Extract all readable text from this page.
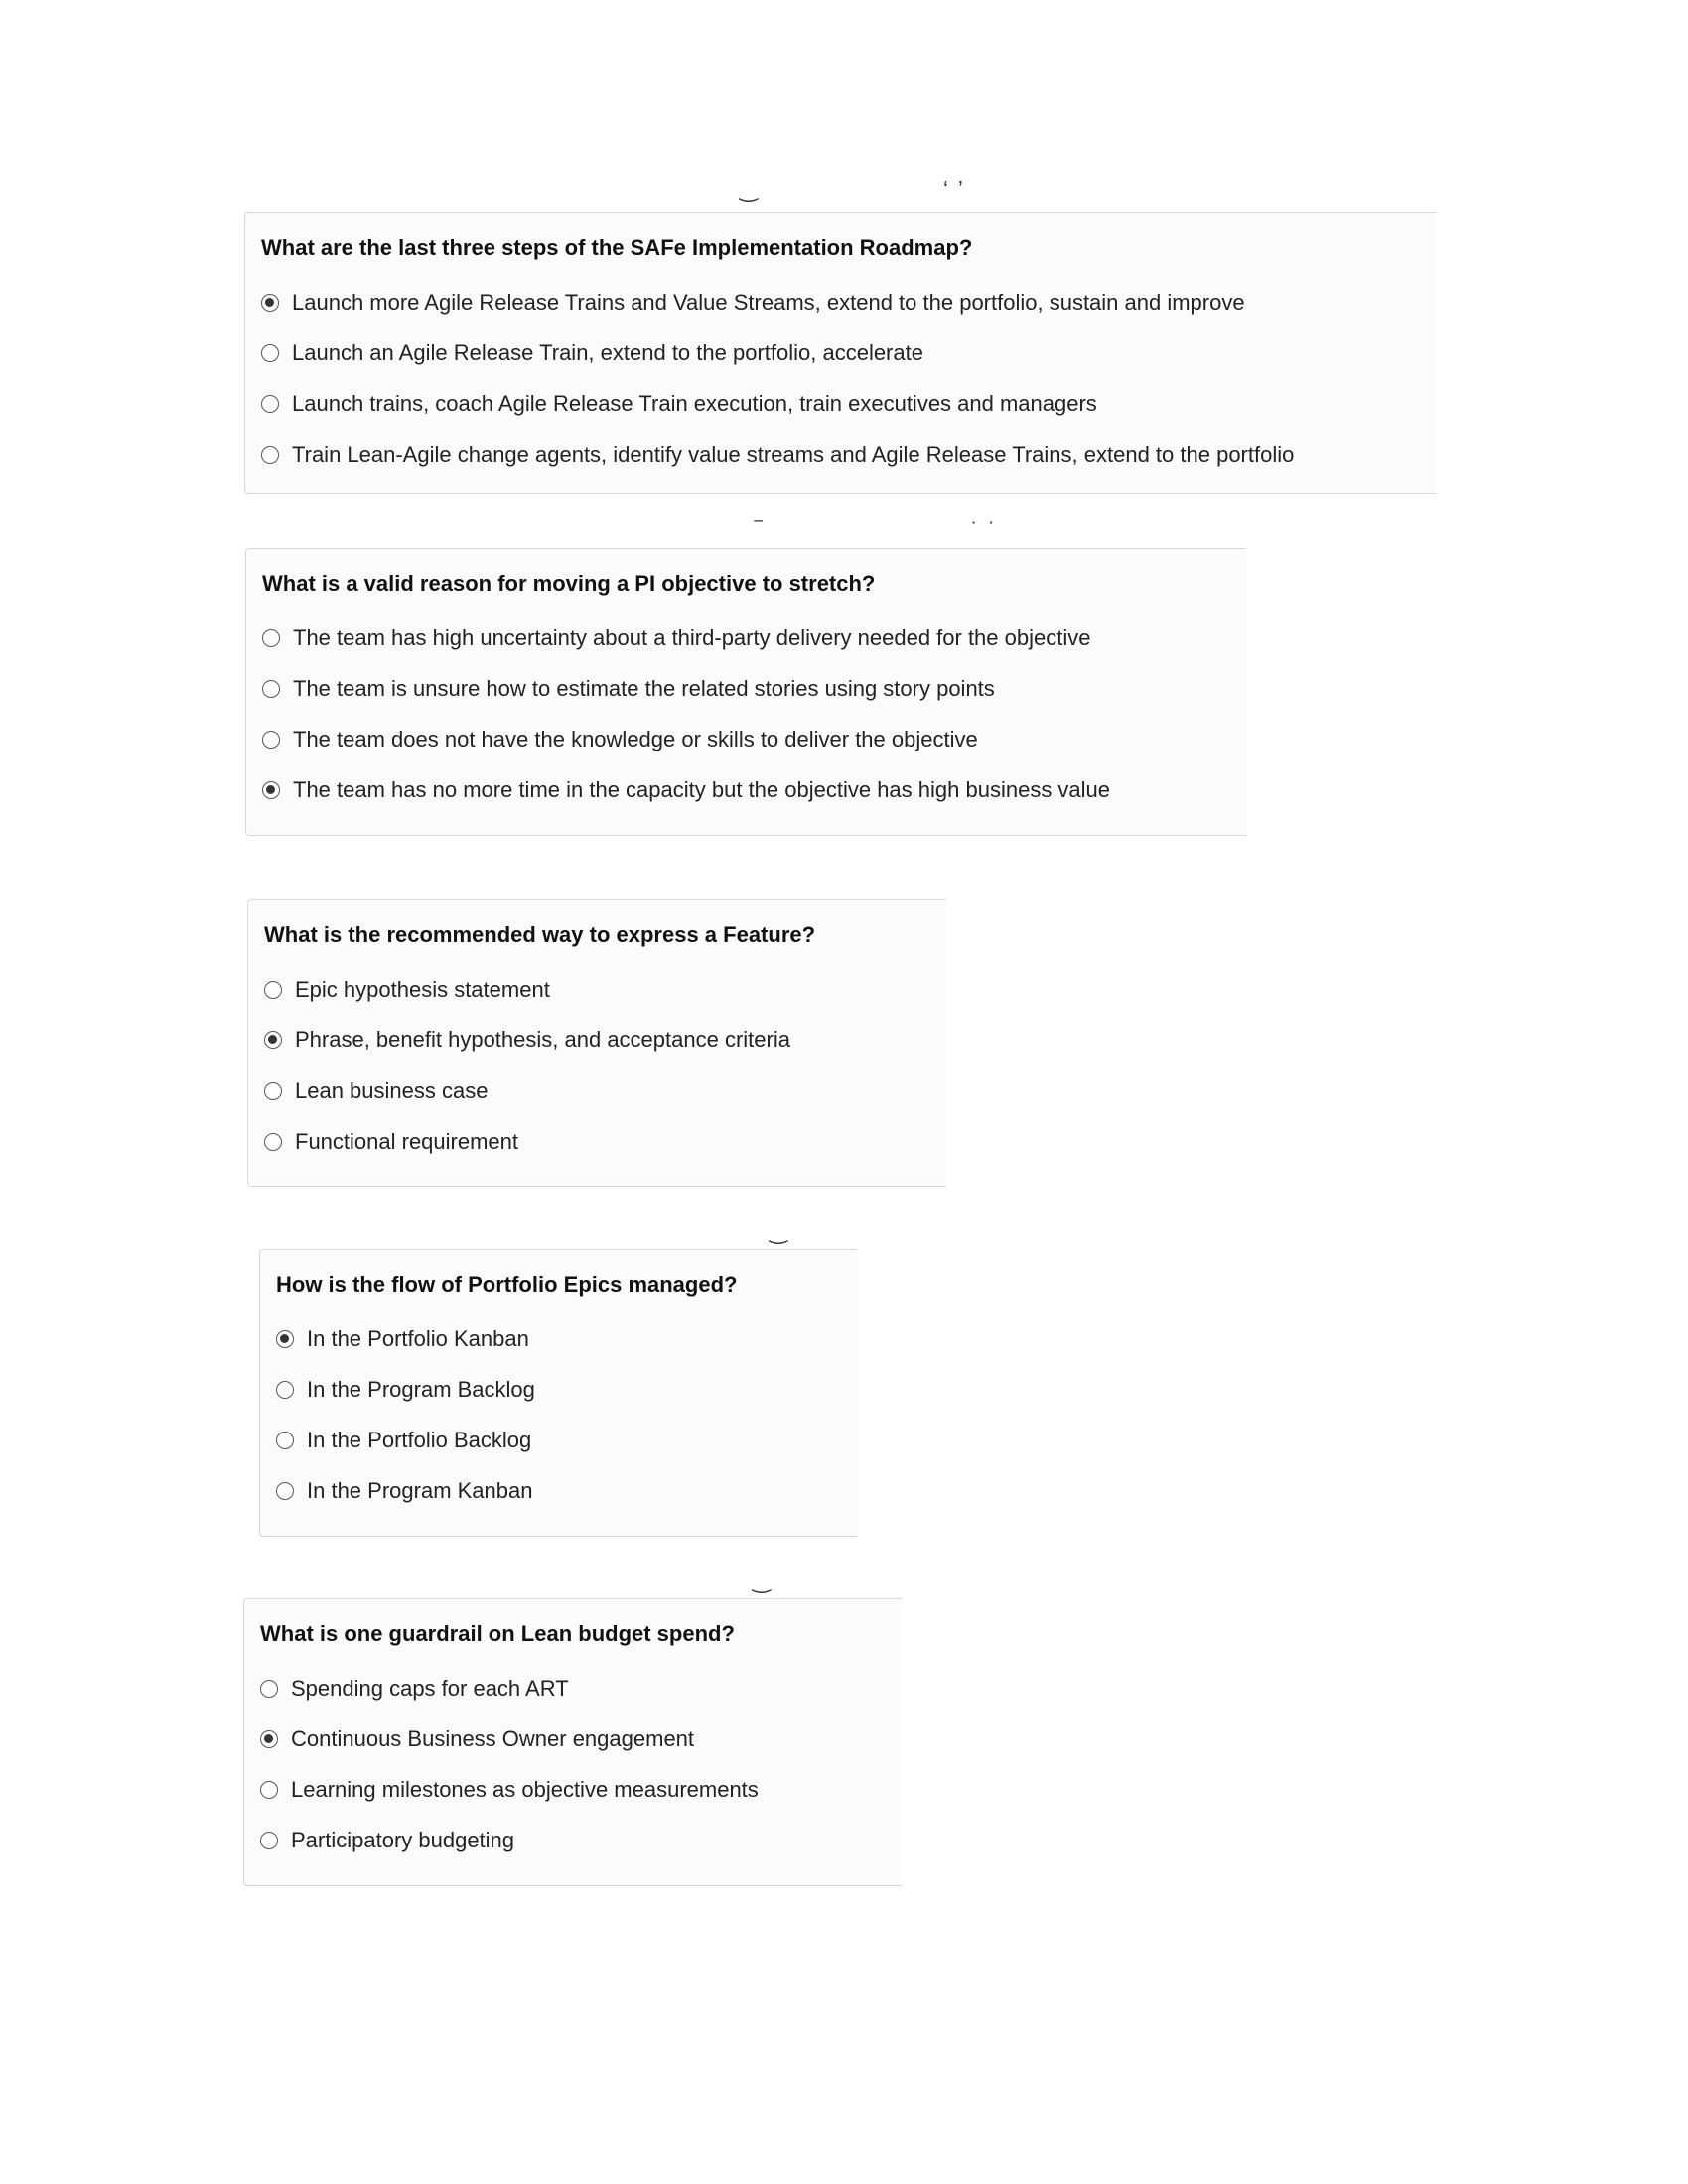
‿	ʻ ʼ
‾	˙ ˙
‿
‿
What are the last three steps of the SAFe Implementation Roadmap?
Launch more Agile Release Trains and Value Streams, extend to the portfolio, sustain and improve
Launch an Agile Release Train, extend to the portfolio, accelerate
Launch trains, coach Agile Release Train execution, train executives and managers
Train Lean-Agile change agents, identify value streams and Agile Release Trains, extend to the portfolio
What is a valid reason for moving a PI objective to stretch?
The team has high uncertainty about a third-party delivery needed for the objective
The team is unsure how to estimate the related stories using story points
The team does not have the knowledge or skills to deliver the objective
The team has no more time in the capacity but the objective has high business value
What is the recommended way to express a Feature?
Epic hypothesis statement
Phrase, benefit hypothesis, and acceptance criteria
Lean business case
Functional requirement
How is the flow of Portfolio Epics managed?
In the Portfolio Kanban
In the Program Backlog
In the Portfolio Backlog
In the Program Kanban
What is one guardrail on Lean budget spend?
Spending caps for each ART
Continuous Business Owner engagement
Learning milestones as objective measurements
Participatory budgeting
